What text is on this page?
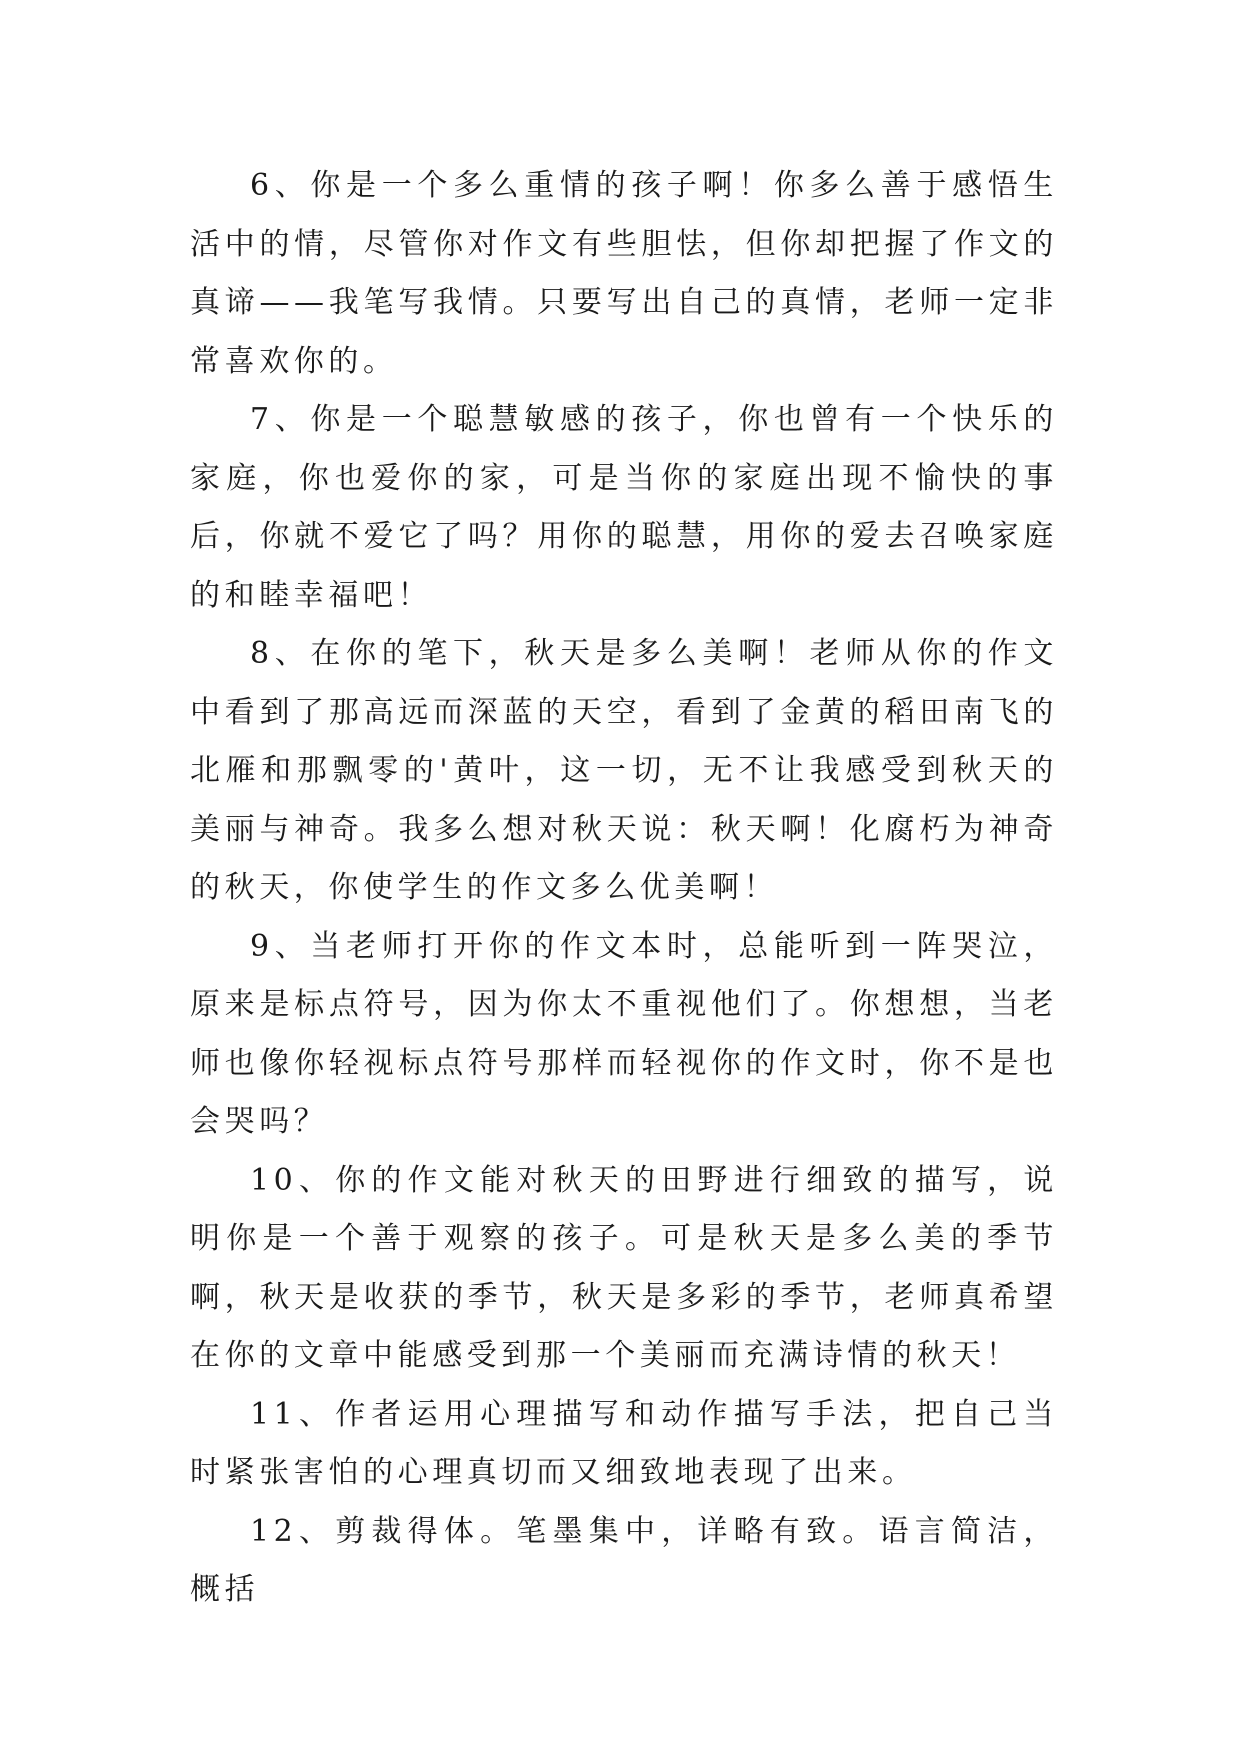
6、你是一个多么重情的孩子啊！你多么善于感悟生活中的情，尽管你对作文有些胆怯，但你却把握了作文的真谛——我笔写我情。只要写出自己的真情，老师一定非常喜欢你的。

7、你是一个聪慧敏感的孩子，你也曾有一个快乐的家庭，你也爱你的家，可是当你的家庭出现不愉快的事后，你就不爱它了吗？用你的聪慧，用你的爱去召唤家庭的和睦幸福吧！

8、在你的笔下，秋天是多么美啊！老师从你的作文中看到了那高远而深蓝的天空，看到了金黄的稻田南飞的北雁和那飘零的'黄叶，这一切，无不让我感受到秋天的美丽与神奇。我多么想对秋天说：秋天啊！化腐朽为神奇的秋天，你使学生的作文多么优美啊！

9、当老师打开你的作文本时，总能听到一阵哭泣，原来是标点符号，因为你太不重视他们了。你想想，当老师也像你轻视标点符号那样而轻视你的作文时，你不是也会哭吗？

10、你的作文能对秋天的田野进行细致的描写，说明你是一个善于观察的孩子。可是秋天是多么美的季节啊，秋天是收获的季节，秋天是多彩的季节，老师真希望在你的文章中能感受到那一个美丽而充满诗情的秋天！

11、作者运用心理描写和动作描写手法，把自己当时紧张害怕的心理真切而又细致地表现了出来。

12、剪裁得体。笔墨集中，详略有致。语言简洁，概括
